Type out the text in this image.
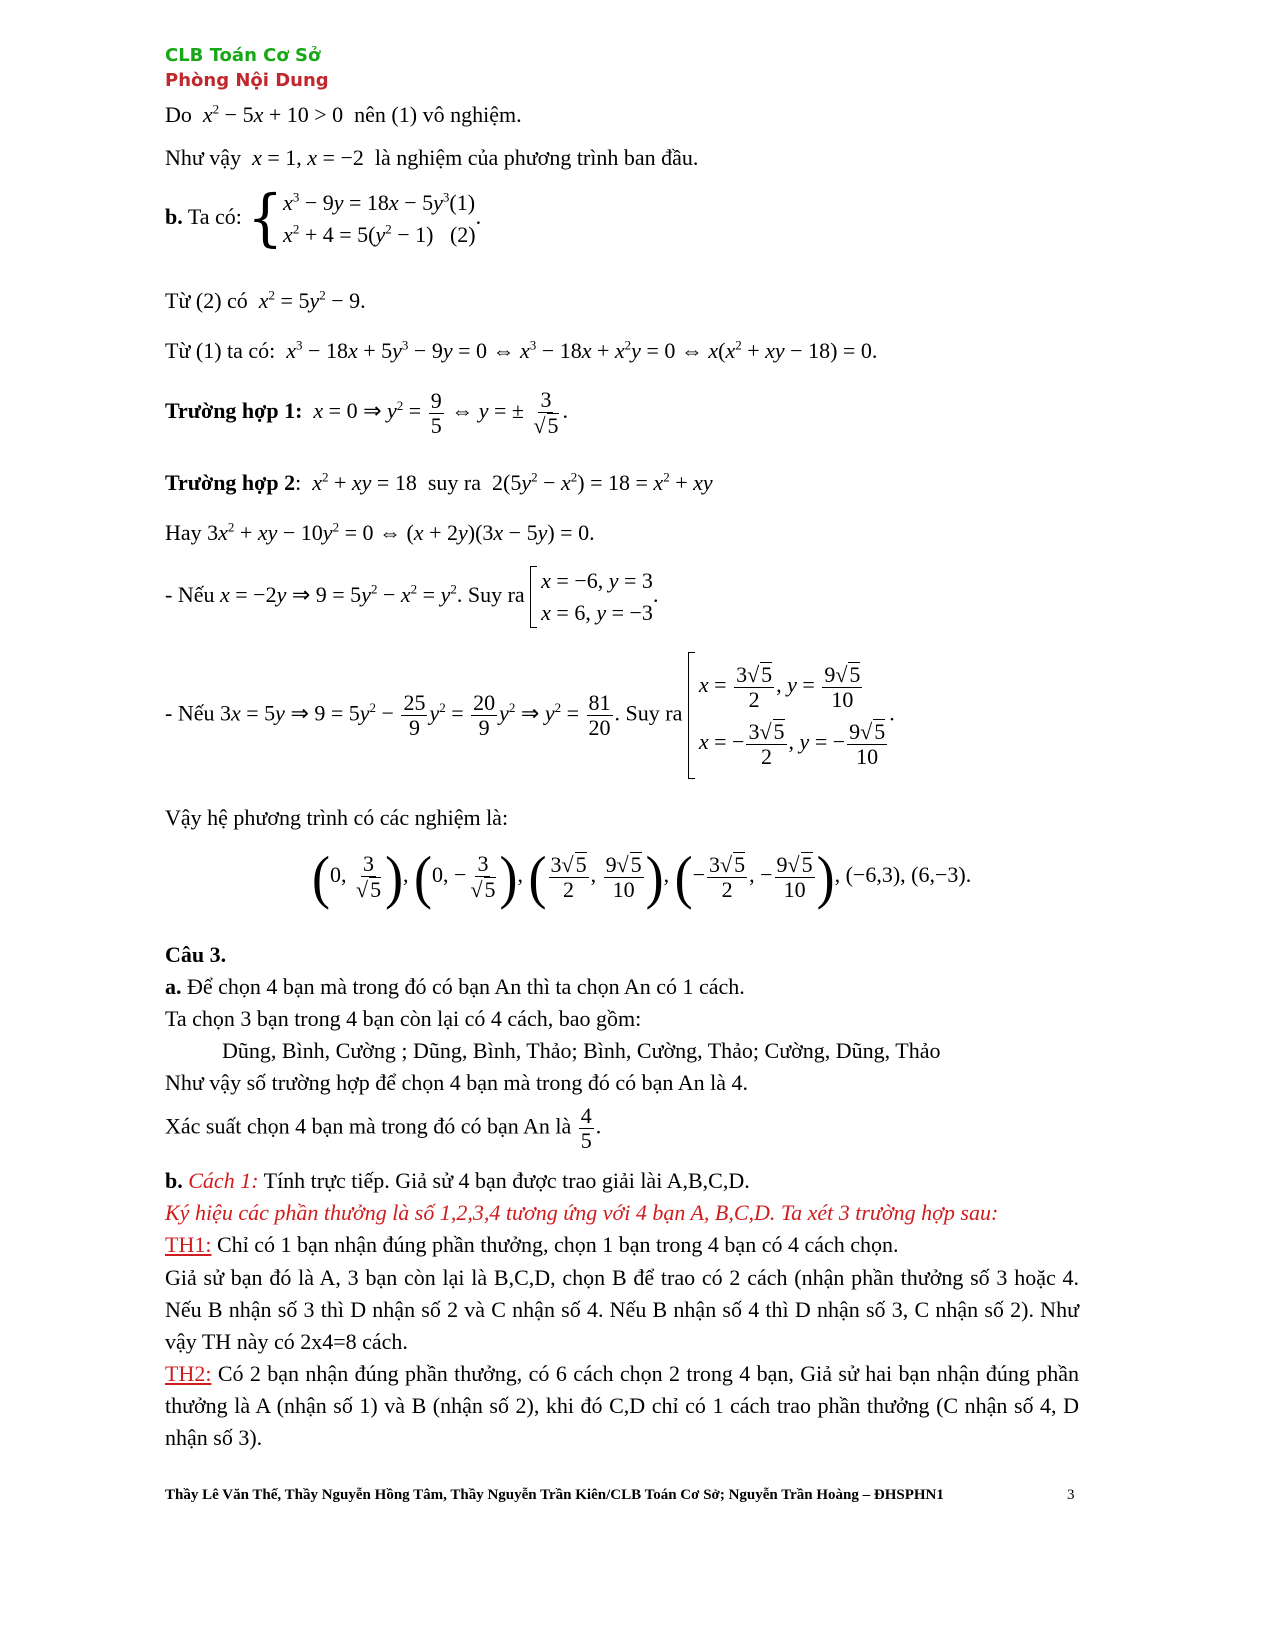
CLB Toán Cơ Sở
Phòng Nội Dung
Do $x^2 - 5x + 10 > 0$  nên (1) vô nghiệm.
Như vậy x = 1, x = −2  là nghiệm của phương trình ban đầu.
b. Ta có: { $x^3 - 9y = 18x - 5y^3(1)$
$x^2 + 4 = 5(y^2 - 1)$   (2)
.
Từ (2) có $x^2 = 5y^2 - 9$.
Từ (1) ta có: $x^3 - 18x + 5y^3 - 9y = 0$ ⇔ $x^3 - 18x + x^2y = 0$ ⇔ $x(x^2$ + xy − 18) = 0.
Trường hợp 1: x = 0 ⇒ $y^2 = \frac{9}{5}$ ⇔ y = ± $\frac{3}{√5}$ .
Trường hợp 2:  $x^2$ + xy = 18  suy ra  $2(5y^2 - x^2) = 18 = x^2$ + xy
Hay $3x^2$ + xy − $10y^2 = 0$ ⇔ (x + 2y)(3x − 5y) = 0.
- Nếu x = −2y ⇒ $9 = 5y^2 - x^2 = y^2$. Suy ra
x = −6, y = 3
x = 6, y = −3
.
- Nếu 3x = 5y ⇒ $9 = 5y^2 - \frac{25}{9} y^2 = \frac{20}{9} y^2$ ⇒ $y^2 = \frac{81}{20}$ . Suy ra
$x = \frac{3√5}{2}$ , $y = \frac{9√5}{10}$
x = − $\frac{3√5}{2}$ , y = − $\frac{9√5}{10}$
.
Vậy hệ phương trình có các nghiệm là:
(0, $\frac{3}{√5}$ ), (0, − $\frac{3}{√5}$ ), ( $\frac{3√5}{2}$ , $\frac{9√5}{10}$ ), (− $\frac{3√5}{2}$ , − $\frac{9√5}{10}$ ), (−6,3), (6,−3).
Câu 3.
a. Để chọn 4 bạn mà trong đó có bạn An thì ta chọn An có 1 cách.
Ta chọn 3 bạn trong 4 bạn còn lại có 4 cách, bao gồm:
Dũng, Bình, Cường ; Dũng, Bình, Thảo; Bình, Cường, Thảo; Cường, Dũng, Thảo
Như vậy số trường hợp để chọn 4 bạn mà trong đó có bạn An là 4.
Xác suất chọn 4 bạn mà trong đó có bạn An là $\frac{4}{5}$ .
b. Cách 1: Tính trực tiếp. Giả sử 4 bạn được trao giải lài A,B,C,D.
Ký hiệu các phần thưởng là số 1,2,3,4 tương ứng với 4 bạn A, B,C,D. Ta xét 3 trường hợp sau:
TH1: Chỉ có 1 bạn nhận đúng phần thưởng, chọn 1 bạn trong 4 bạn có 4 cách chọn.
Giả sử bạn đó là A, 3 bạn còn lại là B,C,D, chọn B để trao có 2 cách (nhận phần thưởng số 3 hoặc 4. Nếu B nhận số 3 thì D nhận số 2 và C nhận số 4. Nếu B nhận số 4 thì D nhận số 3, C nhận số 2). Như vậy TH này có 2x4=8 cách.
TH2: Có 2 bạn nhận đúng phần thưởng, có 6 cách chọn 2 trong 4 bạn, Giả sử hai bạn nhận đúng phần thưởng là A (nhận số 1) và B (nhận số 2), khi đó C,D chỉ có 1 cách trao phần thưởng (C nhận số 4, D nhận số 3).
Thầy Lê Văn Thế, Thầy Nguyễn Hồng Tâm, Thầy Nguyễn Trần Kiên/CLB Toán Cơ Sở; Nguyễn Trần Hoàng – ĐHSPHN1	3
